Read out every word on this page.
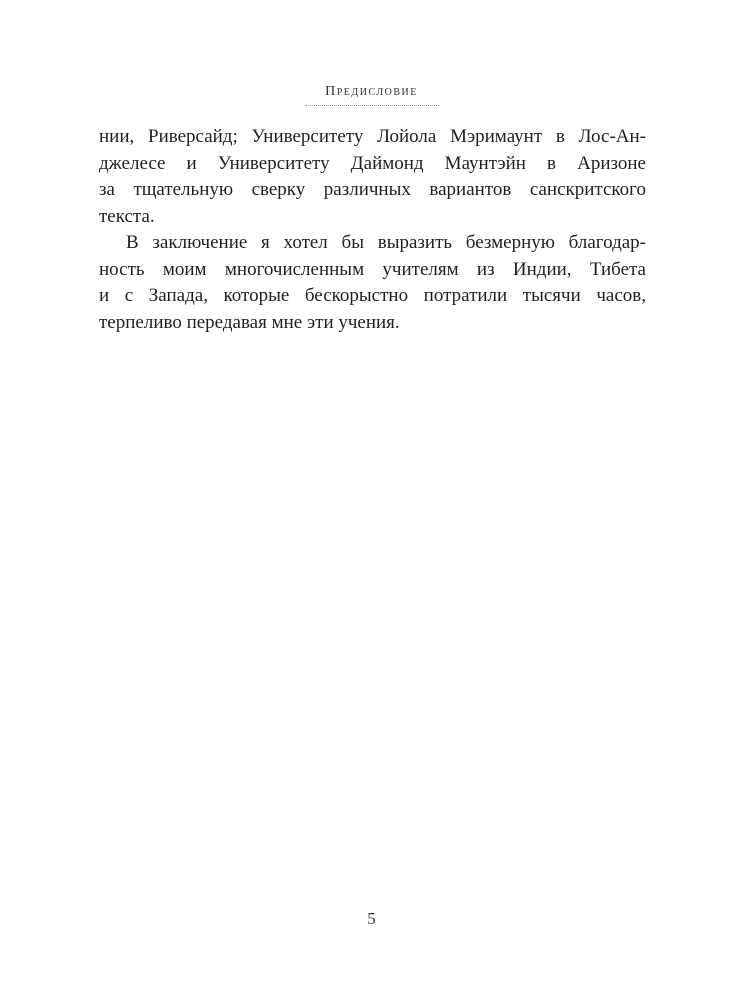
Предисловие
нии, Риверсайд; Университету Лойола Мэримаунт в Лос-Ан-
джелесе и Университету Даймонд Маунтэйн в Аризоне
за тщательную сверку различных вариантов санскритского
текста.
В заключение я хотел бы выразить безмерную благодар-
ность моим многочисленным учителям из Индии, Тибета
и с Запада, которые бескорыстно потратили тысячи часов,
терпеливо передавая мне эти учения.
5
